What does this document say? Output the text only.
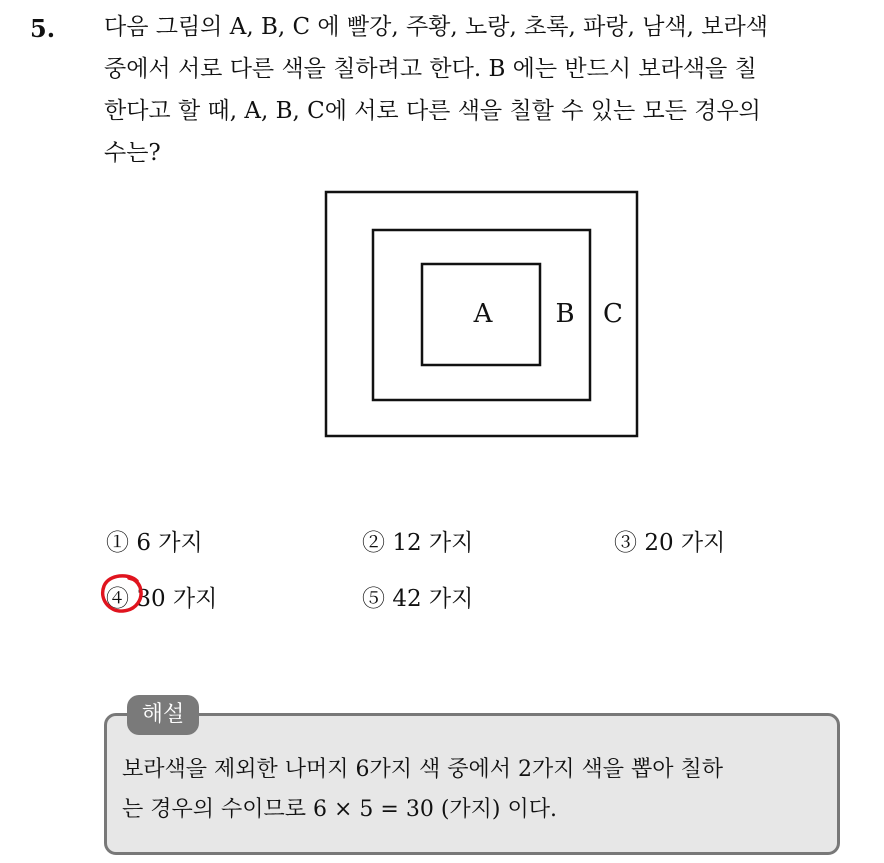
5. 다음 그림의 A, B, C 에 빨강, 주황, 노랑, 초록, 파랑, 남색, 보라색
중에서 서로 다른 색을 칠하려고 한다. B 에는 반드시 보라색을 칠
한다고 할 때, A, B, C에 서로 다른 색을 칠할 수 있는 모든 경우의
수는?
A B C
① 6 가지	② 12 가지	③ 20 가지
④ 30 가지	⑤ 42 가지
해설
보라색을 제외한 나머지 6가지 색 중에서 2가지 색을 뽑아 칠하
는 경우의 수이므로 6 × 5 = 30 (가지) 이다.
